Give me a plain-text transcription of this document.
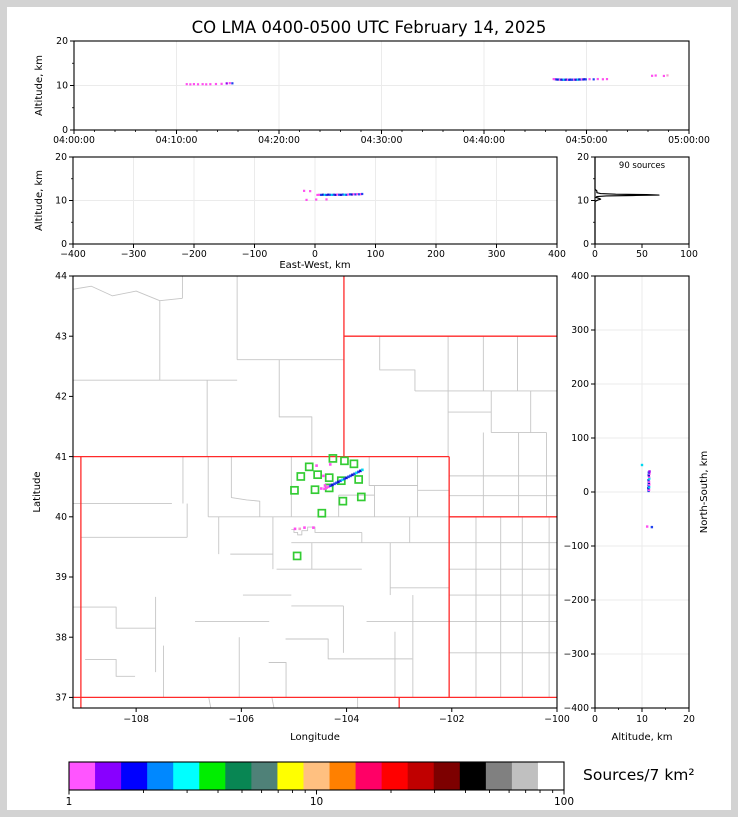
CO LMA 0400-0500 UTC February 14, 2025
04:00:00	04:10:00	04:20:00	04:30:00	04:40:00	04:50:00	05:00:00
0
10
20
Altitude, km
−400	−300	−200	−100	0	100	200	300	400
0
10
20
Altitude, km
East-West, km
0	50	100
0
10
20
90 sources
−108	−106	−104	−102	−100
37
38
39
40
41
42
43
44
Longitude
Latitude
0	10	20
400
300
200
100
0
−100
−200
−300
−400
Altitude, km
North-South, km
1	10	100
Sources/7 km²
